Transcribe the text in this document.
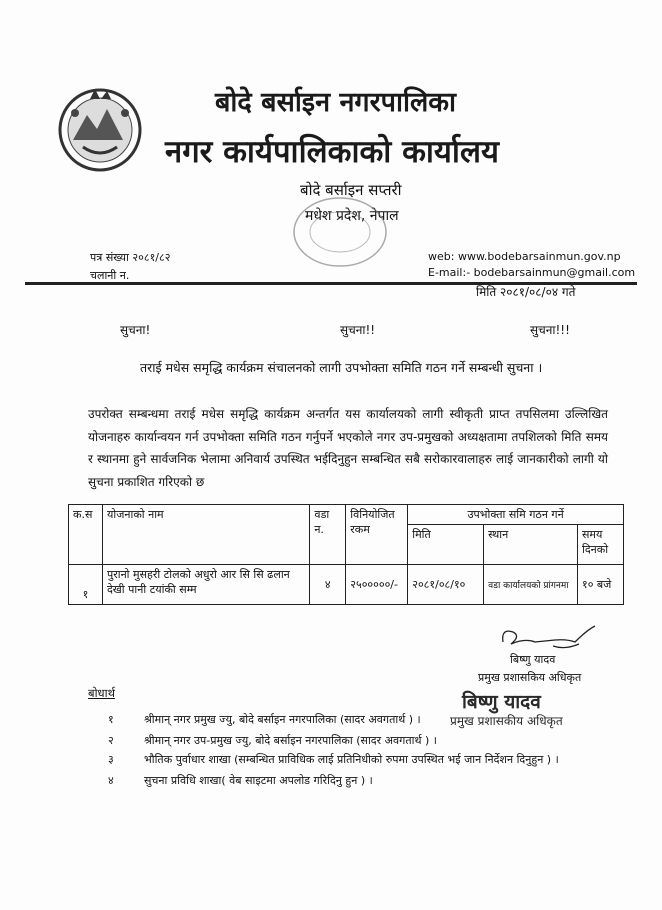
बोदे बर्साइन नगरपालिका
नगर कार्यपालिकाको कार्यालय
बोदे बर्साइन सप्तरी
मधेश प्रदेश, नेपाल
पत्र संख्या २०८१/८२
चलानी न.
web: www.bodebarsainmun.gov.np
E-mail:- bodebarsainmun@gmail.com
मिति २०८१/०८/०४ गते
सुचना!	सुचना!!	सुचना!!!
तराई मधेस समृद्धि कार्यक्रम संचालनको लागी उपभोक्ता समिति गठन गर्ने सम्बन्धी सुचना ।
उपरोक्त सम्बन्धमा तराई मधेस समृद्धि कार्यक्रम अन्तर्गत यस कार्यालयको लागी स्वीकृती प्राप्त तपसिलमा उल्लिखित योजनाहरु कार्यान्वयन गर्न उपभोक्ता समिति गठन गर्नुपर्ने भएकोले नगर उप-प्रमुखको अध्यक्षतामा तपशिलको मिति समय र स्थानमा हुने सार्वजनिक भेलामा अनिवार्य उपस्थित भईदिनुहुन सम्बन्धित सबै सरोकारवालाहरु लाई जानकारीको लागी यो सुचना प्रकाशित गरिएको छ
क.स	योजनाको नाम	वडा न.	विनियोजित रकम	उपभोक्ता समि गठन गर्ने		
				मिति	स्थान	समय दिनको
१	पुरानो मुसहरी टोलको अधुरो आर सि सि ढलान देखी पानी टयांकी सम्म	४	२५०००००/-	२०८१/०८/१०	वडा कार्यालयको प्रांगनमा	१० बजे
बिष्णु यादव
प्रमुख प्रशासकिय अधिकृत
बिष्णु यादव
प्रमुख प्रशासकीय अधिकृत
बोधार्थ
१	श्रीमान् नगर प्रमुख ज्यु, बोदे बर्साइन नगरपालिका (सादर अवगतार्थ ) ।
२	श्रीमान् नगर उप-प्रमुख ज्यु, बोदे बर्साइन नगरपालिका (सादर अवगतार्थ ) ।
३	भौतिक पुर्वाधार शाखा (सम्बन्धित प्राविधिक लाई प्रतिनिधीको रुपमा उपस्थित भई जान निर्देशन दिनुहुन ) ।
४	सुचना प्रविधि शाखा( वेब साइटमा अपलोड गरिदिनु हुन ) ।
